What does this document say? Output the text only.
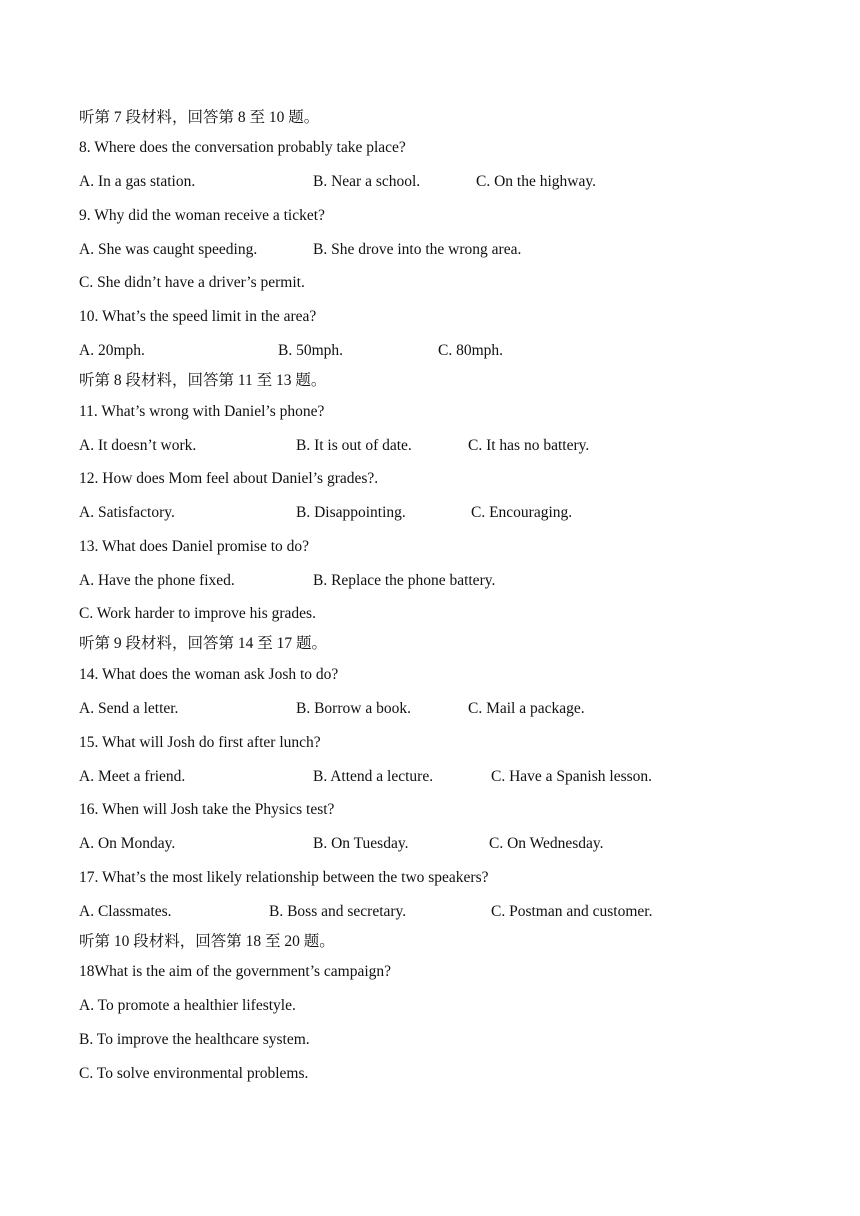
听第 7 段材料，回答第 8 至 10 题。
8. Where does the conversation probably take place?
A. In a gas station.	B. Near a school.	C. On the highway.
9. Why did the woman receive a ticket?
A. She was caught speeding.	B. She drove into the wrong area.
C. She didn’t have a driver’s permit.
10. What’s the speed limit in the area?
A. 20mph.	B. 50mph.	C. 80mph.
听第 8 段材料，回答第 11 至 13 题。
11. What’s wrong with Daniel’s phone?
A. It doesn’t work.	B. It is out of date.	C. It has no battery.
12. How does Mom feel about Daniel’s grades?.
A. Satisfactory.	B. Disappointing.	C. Encouraging.
13. What does Daniel promise to do?
A. Have the phone fixed.	B. Replace the phone battery.
C. Work harder to improve his grades.
听第 9 段材料，回答第 14 至 17 题。
14. What does the woman ask Josh to do?
A. Send a letter.	B. Borrow a book.	C. Mail a package.
15. What will Josh do first after lunch?
A. Meet a friend.	B. Attend a lecture.	C. Have a Spanish lesson.
16. When will Josh take the Physics test?
A. On Monday.	B. On Tuesday.	C. On Wednesday.
17. What’s the most likely relationship between the two speakers?
A. Classmates.	B. Boss and secretary.	C. Postman and customer.
听第 10 段材料，回答第 18 至 20 题。
18What is the aim of the government’s campaign?
A. To promote a healthier lifestyle.
B. To improve the healthcare system.
C. To solve environmental problems.
